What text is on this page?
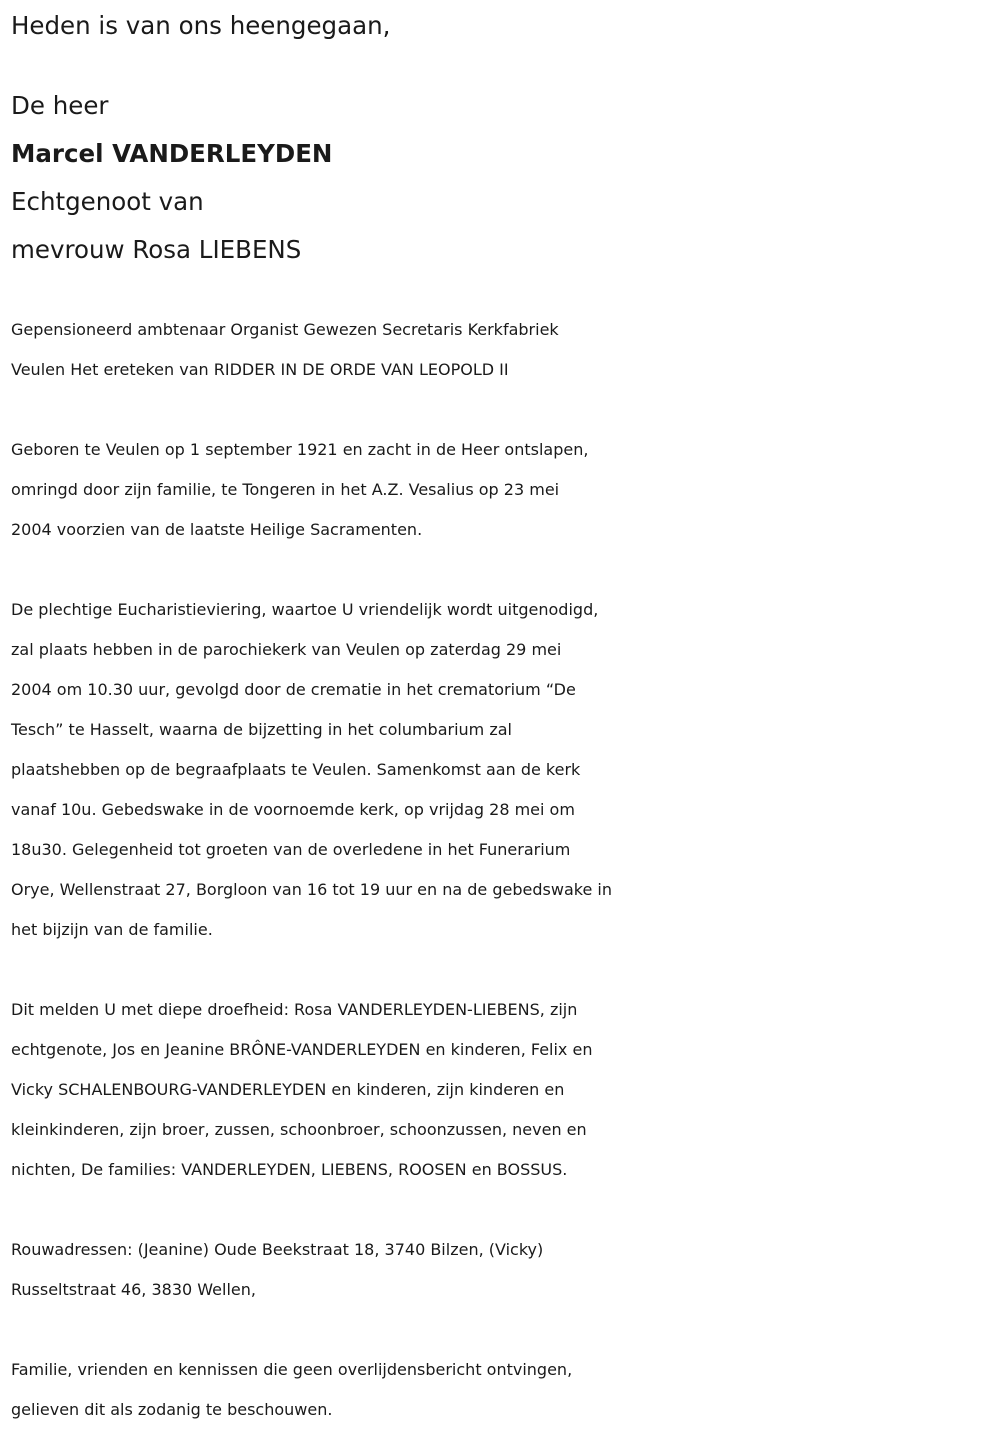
Heden is van ons heengegaan,
De heer
Marcel VANDERLEYDEN
Echtgenoot van
mevrouw Rosa LIEBENS
Gepensioneerd ambtenaar Organist Gewezen Secretaris Kerkfabriek
Veulen Het ereteken van RIDDER IN DE ORDE VAN LEOPOLD II
Geboren te Veulen op 1 september 1921 en zacht in de Heer ontslapen,
omringd door zijn familie, te Tongeren in het A.Z. Vesalius op 23 mei
2004 voorzien van de laatste Heilige Sacramenten.
De plechtige Eucharistieviering, waartoe U vriendelijk wordt uitgenodigd,
zal plaats hebben in de parochiekerk van Veulen op zaterdag 29 mei
2004 om 10.30 uur, gevolgd door de crematie in het crematorium “De
Tesch” te Hasselt, waarna de bijzetting in het columbarium zal
plaatshebben op de begraafplaats te Veulen. Samenkomst aan de kerk
vanaf 10u. Gebedswake in de voornoemde kerk, op vrijdag 28 mei om
18u30. Gelegenheid tot groeten van de overledene in het Funerarium
Orye, Wellenstraat 27, Borgloon van 16 tot 19 uur en na de gebedswake in
het bijzijn van de familie.
Dit melden U met diepe droefheid: Rosa VANDERLEYDEN-LIEBENS, zijn
echtgenote, Jos en Jeanine BRÔNE-VANDERLEYDEN en kinderen, Felix en
Vicky SCHALENBOURG-VANDERLEYDEN en kinderen, zijn kinderen en
kleinkinderen, zijn broer, zussen, schoonbroer, schoonzussen, neven en
nichten, De families: VANDERLEYDEN, LIEBENS, ROOSEN en BOSSUS.
Rouwadressen: (Jeanine) Oude Beekstraat 18, 3740 Bilzen, (Vicky)
Russeltstraat 46, 3830 Wellen,
Familie, vrienden en kennissen die geen overlijdensbericht ontvingen,
gelieven dit als zodanig te beschouwen.
